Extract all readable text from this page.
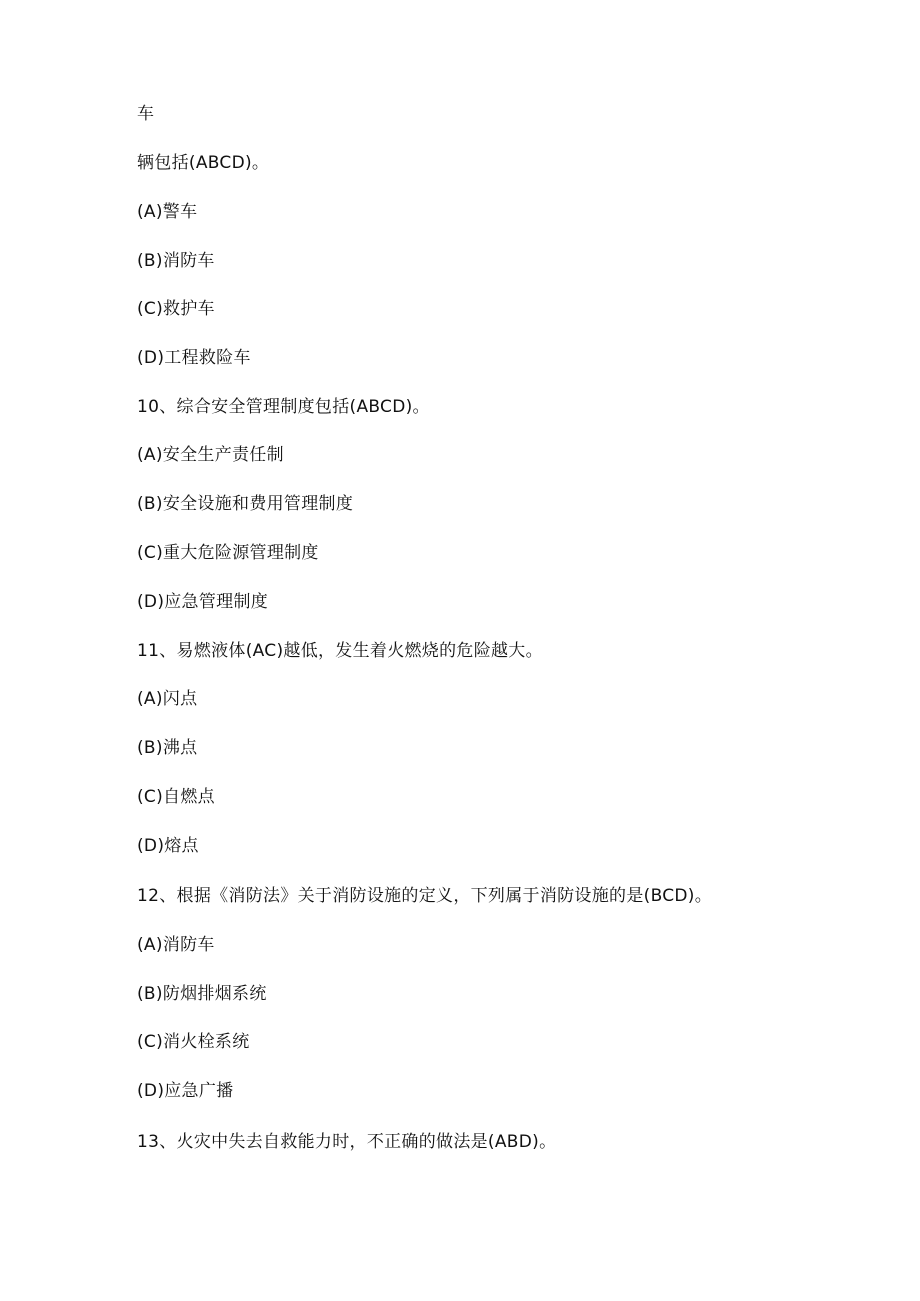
车
辆包括(ABCD)。
(A)警车
(B)消防车
(C)救护车
(D)工程救险车
10、综合安全管理制度包括(ABCD)。
(A)安全生产责任制
(B)安全设施和费用管理制度
(C)重大危险源管理制度
(D)应急管理制度
11、易燃液体(AC)越低，发生着火燃烧的危险越大。
(A)闪点
(B)沸点
(C)自燃点
(D)熔点
12、根据《消防法》关于消防设施的定义，下列属于消防设施的是(BCD)。
(A)消防车
(B)防烟排烟系统
(C)消火栓系统
(D)应急广播
13、火灾中失去自救能力时，不正确的做法是(ABD)。
